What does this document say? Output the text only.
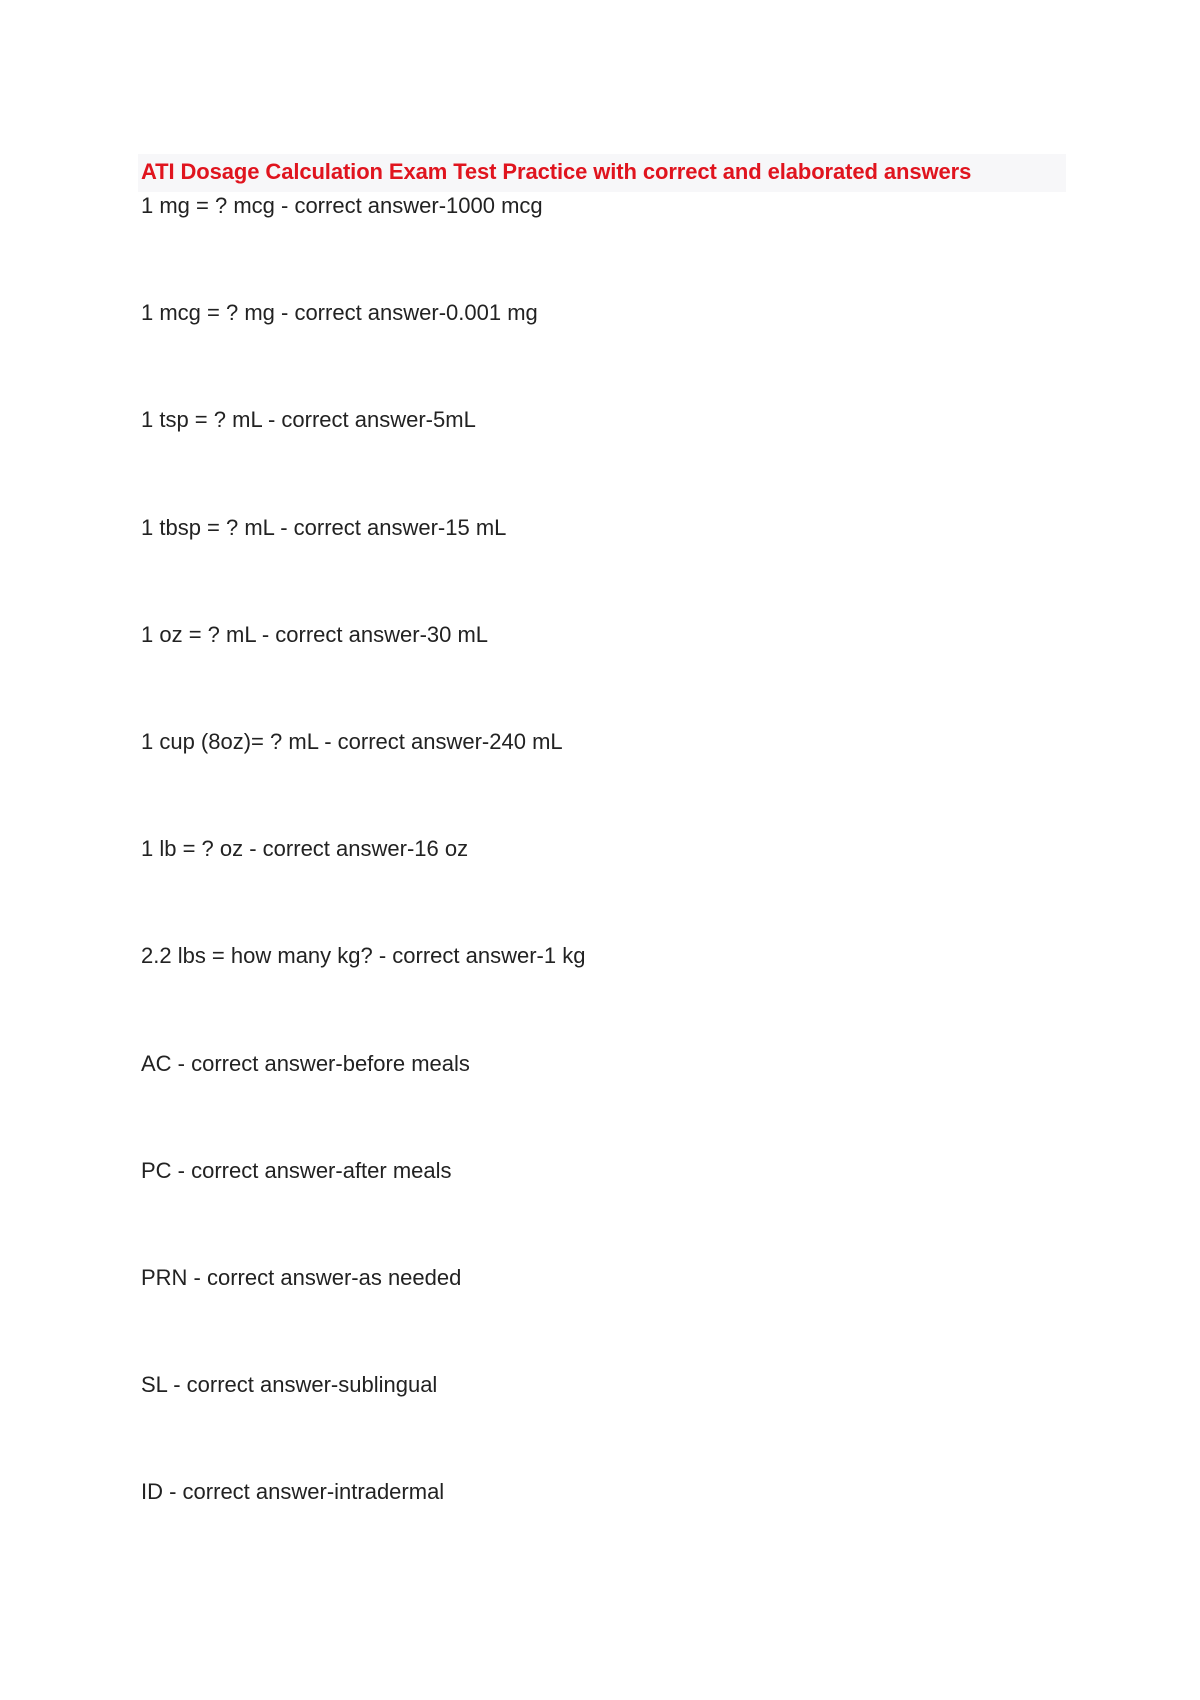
ATI Dosage Calculation Exam Test Practice with correct and elaborated answers
1 mg = ? mcg - correct answer-1000 mcg
1 mcg = ? mg - correct answer-0.001 mg
1 tsp = ? mL - correct answer-5mL
1 tbsp = ? mL - correct answer-15 mL
1 oz = ? mL - correct answer-30 mL
1 cup (8oz)= ? mL - correct answer-240 mL
1 lb = ? oz - correct answer-16 oz
2.2 lbs = how many kg? - correct answer-1 kg
AC - correct answer-before meals
PC - correct answer-after meals
PRN - correct answer-as needed
SL - correct answer-sublingual
ID - correct answer-intradermal
